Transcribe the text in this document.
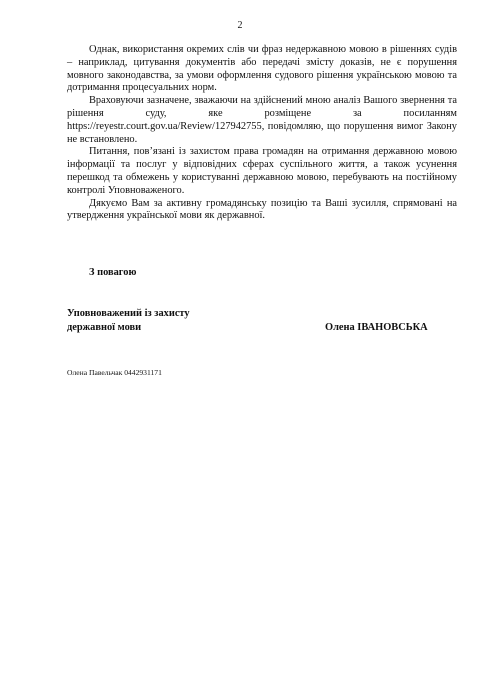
2

Однак, використання окремих слів чи фраз недержавною мовою в рішеннях судів – наприклад, цитування документів або передачі змісту доказів, не є порушення мовного законодавства, за умови оформлення судового рішення українською мовою та дотримання процесуальних норм.

Враховуючи зазначене, зважаючи на здійснений мною аналіз Вашого звернення та рішення суду, яке розміщене за посиланням https://reyestr.court.gov.ua/Review/127942755, повідомляю, що порушення вимог Закону не встановлено.

Питання, пов’язані із захистом права громадян на отримання державною мовою інформації та послуг у відповідних сферах суспільного життя, а також усунення перешкод та обмежень у користуванні державною мовою, перебувають на постійному контролі Уповноваженого.

Дякуємо Вам за активну громадянську позицію та Ваші зусилля, спрямовані на утвердження української мови як державної.

З повагою
Уповноважений із захисту
державної мови	Олена ІВАНОВСЬКА
Олена Павельчак 0442931171
